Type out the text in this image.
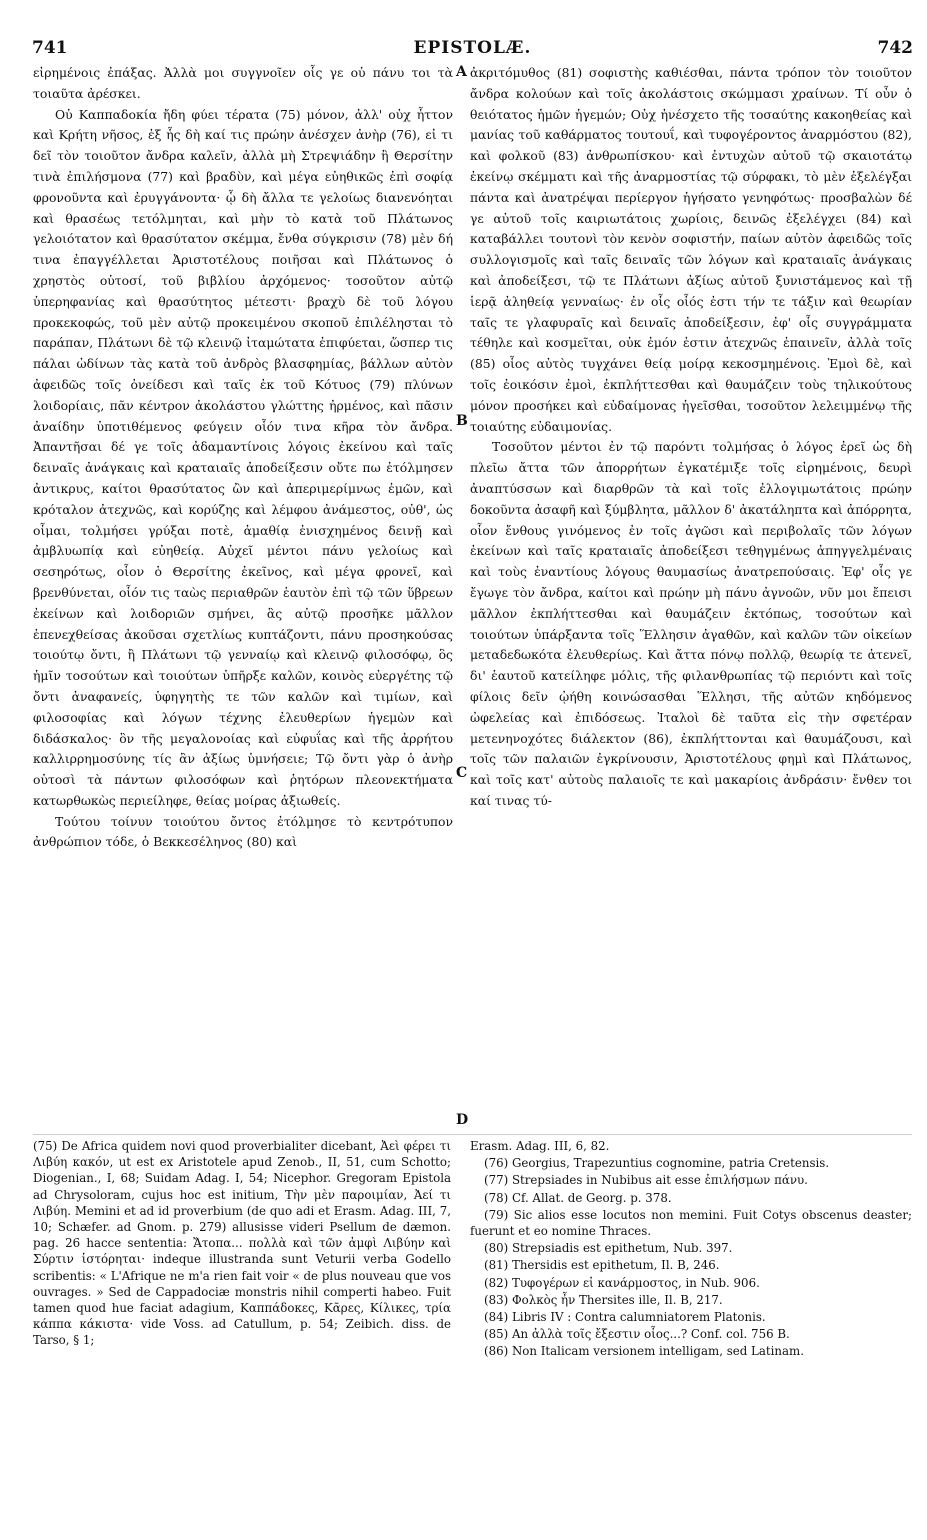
741	EPISTOLÆ.	742

εἰρημένοις ἐπάξας. Ἀλλὰ μοι συγγνοῖεν οἷς γε οὐ πάνυ τοι τὰ τοιαῦτα ἀρέσκει.

Οὐ Καππαδοκία ἤδη φύει τέρατα (75) μόνον, ἀλλ' οὐχ ἧττον καὶ Κρήτη νῆσος, ἐξ ἧς δὴ καί τις πρώην ἀνέσχεν ἀνὴρ (76), εἰ τι δεῖ τὸν τοιοῦτον ἄνδρα καλεῖν, ἀλλὰ μὴ Στρεψιάδην ἢ Θερσίτην τινὰ ἐπιλήσμονα (77) καὶ βραδὺν, καὶ μέγα εὐηθικῶς ἐπὶ σοφίᾳ φρονοῦντα καὶ ἐρυγγάνοντα· ᾧ δὴ ἄλλα τε γελοίως διανενόηται καὶ θρασέως τετόλμηται, καὶ μὴν τὸ κατὰ τοῦ Πλάτωνος γελοιότατον καὶ θρασύτατον σκέμμα, ἔνθα σύγκρισιν (78) μὲν δή τινα ἐπαγγέλλεται Ἀριστοτέλους ποιῆσαι καὶ Πλάτωνος ὁ χρηστὸς οὑτοσί, τοῦ βιβλίου ἀρχόμενος· τοσοῦτον αὐτῷ ὑπερηφανίας καὶ θρασύτητος μέτεστι· βραχὺ δὲ τοῦ λόγου προκεκοφώς, τοῦ μὲν αὐτῷ προκειμένου σκοποῦ ἐπιλέλησται τὸ παράπαν, Πλάτωνι δὲ τῷ κλεινῷ ἰταμώτατα ἐπιφύεται, ὥσπερ τις πάλαι ὠδίνων τὰς κατὰ τοῦ ἀνδρὸς βλασφημίας, βάλλων αὐτὸν ἀφειδῶς τοῖς ὀνείδεσι καὶ ταῖς ἐκ τοῦ Κότυος (79) πλύνων λοιδορίαις, πᾶν κέντρον ἀκολάστου γλώττης ἠρμένος, καὶ πᾶσιν ἀναίδην ὑποτιθέμενος φεύγειν οἷόν τινα κῆρα τὸν ἄνδρα. Ἀπαντῆσαι δέ γε τοῖς ἀδαμαντίνοις λόγοις ἐκείνου καὶ ταῖς δειναῖς ἀνάγκαις καὶ κραταιαῖς ἀποδείξεσιν οὔτε πω ἐτόλμησεν ἀντικρυς, καίτοι θρασύτατος ὢν καὶ ἀπεριμερίμνως ἐμῶν, καὶ κρόταλον ἀτεχνῶς, καὶ κορύζης καὶ λέμφου ἀνάμεστος, οὐθ', ὡς οἶμαι, τολμήσει γρύξαι ποτὲ, ἀμαθίᾳ ἐνισχημένος δεινῇ καὶ ἀμβλυωπίᾳ καὶ εὐηθείᾳ. Αὐχεῖ μέντοι πάνυ γελοίως καὶ σεσηρότως, οἷον ὁ Θερσίτης ἐκεῖνος, καὶ μέγα φρονεῖ, καὶ βρενθύνεται, οἷόν τις ταὼς περιαθρῶν ἑαυτὸν ἐπὶ τῷ τῶν ὕβρεων ἐκείνων καὶ λοιδοριῶν σμήνει, ἃς αὐτῷ προσῆκε μᾶλλον ἐπενεχθείσας ἀκοῦσαι σχετλίως κυπτάζοντι, πάνυ προσηκούσας τοιούτῳ ὄντι, ἢ Πλάτωνι τῷ γενναίῳ καὶ κλεινῷ φιλοσόφῳ, ὃς ἡμῖν τοσούτων καὶ τοιούτων ὑπῆρξε καλῶν, κοινὸς εὐεργέτης τῷ ὄντι ἀναφανείς, ὑφηγητὴς τε τῶν καλῶν καὶ τιμίων, καὶ φιλοσοφίας καὶ λόγων τέχνης ἐλευθερίων ἡγεμὼν καὶ διδάσκαλος· ὃν τῆς μεγαλονοίας καὶ εὐφυΐας καὶ τῆς ἀρρήτου καλλιρρημοσύνης τίς ἂν ἀξίως ὑμνήσειε; Τῷ ὄντι γὰρ ὁ ἀνὴρ οὑτοσὶ τὰ πάντων φιλοσόφων καὶ ῥητόρων πλεονεκτήματα κατωρθωκὼς περιείληφε, θείας μοίρας ἀξιωθείς.

Τούτου τοίνυν τοιούτου ὄντος ἐτόλμησε τὸ κεντρότυπον ἀνθρώπιον τόδε, ὁ Βεκκεσέληνος (80) καὶ

A
B
C
D

ἀκριτόμυθος (81) σοφιστὴς καθιέσθαι, πάντα τρόπον τὸν τοιοῦτον ἄνδρα κολούων καὶ τοῖς ἀκολάστοις σκώμμασι χραίνων. Τί οὖν ὁ θειότατος ἡμῶν ἡγεμών; Οὐχ ἠνέσχετο τῆς τοσαύτης κακοηθείας καὶ μανίας τοῦ καθάρματος τουτουΐ, καὶ τυφογέροντος ἀναρμόστου (82), καὶ φολκοῦ (83) ἀνθρωπίσκου· καὶ ἐντυχὼν αὐτοῦ τῷ σκαιοτάτῳ ἐκείνῳ σκέμματι καὶ τῆς ἀναρμοστίας τῷ σύρφακι, τὸ μὲν ἐξελέγξαι πάντα καὶ ἀνατρέψαι περίεργον ἡγήσατο γενηφότως· προσβαλὼν δέ γε αὐτοῦ τοῖς καιριωτάτοις χωρίοις, δεινῶς ἐξελέγχει (84) καὶ καταβάλλει τουτονὶ τὸν κενὸν σοφιστήν, παίων αὐτὸν ἀφειδῶς τοῖς συλλογισμοῖς καὶ ταῖς δειναῖς τῶν λόγων καὶ κραταιαῖς ἀνάγκαις καὶ ἀποδείξεσι, τῷ τε Πλάτωνι ἀξίως αὐτοῦ ξυνιστάμενος καὶ τῇ ἱερᾷ ἀληθείᾳ γενναίως· ἐν οἷς οἷός ἐστι τήν τε τάξιν καὶ θεωρίαν ταῖς τε γλαφυραῖς καὶ δειναῖς ἀποδείξεσιν, ἐφ' οἷς συγγράμματα τέθηλε καὶ κοσμεῖται, οὐκ ἐμόν ἐστιν ἀτεχνῶς ἐπαινεῖν, ἀλλὰ τοῖς (85) οἷος αὐτὸς τυγχάνει θείᾳ μοίρᾳ κεκοσμημένοις. Ἐμοὶ δὲ, καὶ τοῖς ἐοικόσιν ἐμοὶ, ἐκπλήττεσθαι καὶ θαυμάζειν τοὺς τηλικούτους μόνον προσήκει καὶ εὐδαίμονας ἡγεῖσθαι, τοσοῦτον λελειμμένῳ τῆς τοιαύτης εὐδαιμονίας.

Τοσοῦτον μέντοι ἐν τῷ παρόντι τολμήσας ὁ λόγος ἐρεῖ ὡς δὴ πλεῖω ἄττα τῶν ἀπορρήτων ἐγκατέμιξε τοῖς εἰρημένοις, δευρὶ ἀναπτύσσων καὶ διαρθρῶν τὰ καὶ τοῖς ἐλλογιμωτάτοις πρώην δοκοῦντα ἀσαφῆ καὶ ξύμβλητα, μᾶλλον δ' ἀκατάληπτα καὶ ἀπόρρητα, οἷον ἔνθους γινόμενος ἐν τοῖς ἀγῶσι καὶ περιβολαῖς τῶν λόγων ἐκείνων καὶ ταῖς κραταιαῖς ἀποδείξεσι τεθηγμένως ἀπηγγελμέναις καὶ τοὺς ἐναντίους λόγους θαυμασίως ἀνατρεπούσαις. Ἐφ' οἷς γε ἔγωγε τὸν ἄνδρα, καίτοι καὶ πρώην μὴ πάνυ ἀγνοῶν, νῦν μοι ἔπεισι μᾶλλον ἐκπλήττεσθαι καὶ θαυμάζειν ἐκτόπως, τοσούτων καὶ τοιούτων ὑπάρξαντα τοῖς Ἕλλησιν ἀγαθῶν, καὶ καλῶν τῶν οἰκείων μεταδεδωκότα ἐλευθερίως. Καὶ ἄττα πόνῳ πολλῷ, θεωρίᾳ τε ἀτενεῖ, δι' ἑαυτοῦ κατείληφε μόλις, τῆς φιλανθρωπίας τῷ περιόντι καὶ τοῖς φίλοις δεῖν ᾠήθη κοινώσασθαι Ἕλλησι, τῆς αὐτῶν κηδόμενος ὠφελείας καὶ ἐπιδόσεως. Ἰταλοὶ δὲ ταῦτα εἰς τὴν σφετέραν μετενηνοχότες διάλεκτον (86), ἐκπλήττονται καὶ θαυμάζουσι, καὶ τοῖς τῶν παλαιῶν ἐγκρίνουσιν, Ἀριστοτέλους φημὶ καὶ Πλάτωνος, καὶ τοῖς κατ' αὐτοὺς παλαιοῖς τε καὶ μακαρίοις ἀνδράσιν· ἔνθεν τοι καί τινας τύ-

(75) De Africa quidem novi quod proverbialiter dicebant, Ἀεὶ φέρει τι Λιβύη κακόν, ut est ex Aristotele apud Zenob., II, 51, cum Schotto; Diogenian., I, 68; Suidam Adag. I, 54; Nicephor. Gregoram Epistola ad Chrysoloram, cujus hoc est initium, Τὴν μὲν παροιμίαν, Ἀεί τι Λιβύη. Memini et ad id proverbium (de quo adi et Erasm. Adag. III, 7, 10; Schæfer. ad Gnom. p. 279) allusisse videri Psellum de dæmon. pag. 26 hacce sententia: Ἄτοπα... πολλὰ καὶ τῶν ἀμφὶ Λιβύην καὶ Σύρτιν ἱστόρηται· indeque illustranda sunt Veturii verba Godello scribentis: « L'Afrique ne m'a rien fait voir « de plus nouveau que vos ouvrages. » Sed de Cappadociæ monstris nihil comperti habeo. Fuit tamen quod hue faciat adagium, Καππάδοκες, Κᾶρες, Κίλικες, τρία κάππα κάκιστα· vide Voss. ad Catullum, p. 54; Zeibich. diss. de Tarso, § 1;

Erasm. Adag. III, 6, 82.

(76) Georgius, Trapezuntius cognomine, patria Cretensis.

(77) Strepsiades in Nubibus ait esse ἐπιλήσμων πάνυ.

(78) Cf. Allat. de Georg. p. 378.

(79) Sic alios esse locutos non memini. Fuit Cotys obscenus deaster; fuerunt et eo nomine Thraces.

(80) Strepsiadis est epithetum, Nub. 397.

(81) Thersidis est epithetum, Il. B, 246.

(82) Τυφογέρων εἰ κανάρμοστος, in Nub. 906.

(83) Φολκὸς ἦν Thersites ille, Il. B, 217.

(84) Libris IV : Contra calumniatorem Platonis.

(85) An ἀλλὰ τοῖς ἔξεστιν οἷος...? Conf. col. 756 B.

(86) Non Italicam versionem intelligam, sed Latinam.
